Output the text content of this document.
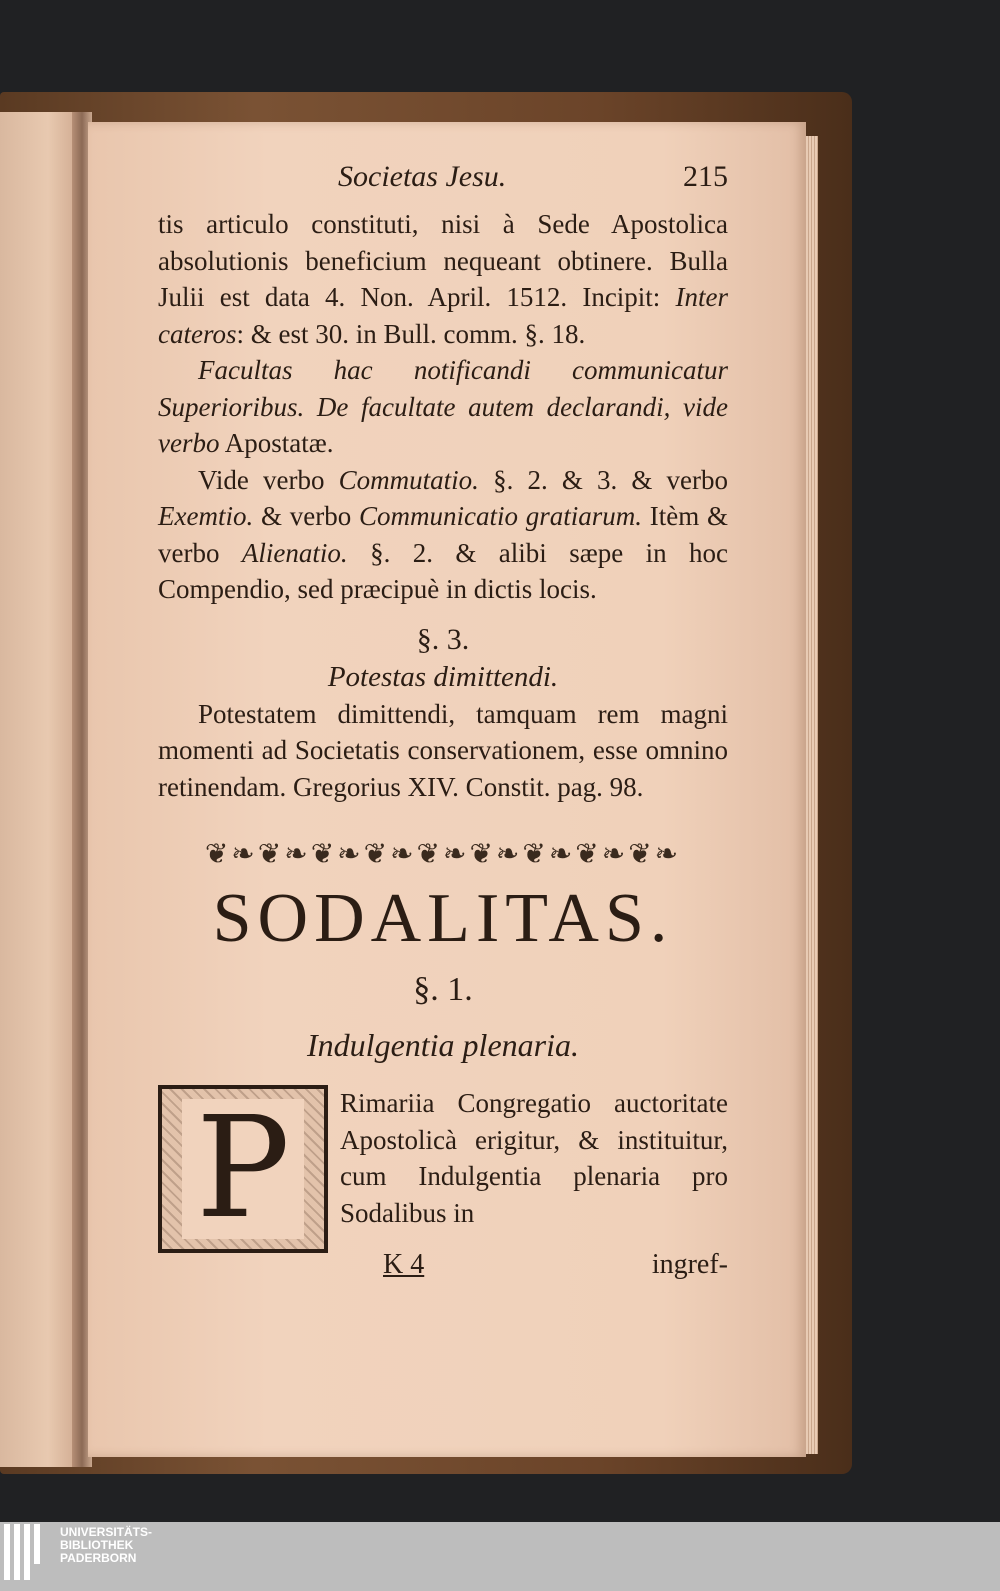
Societas Jesu.	215

tis articulo constituti, nisi à Sede Apostolica absolutionis beneficium nequeant obtinere. Bulla Julii est data 4. Non. April. 1512. Incipit: Inter cateros: & est 30. in Bull. comm. §. 18.

Facultas hac notificandi communicatur Superioribus. De facultate autem declarandi, vide verbo Apostatæ.

Vide verbo Commutatio. §. 2. & 3. & verbo Exemtio. & verbo Communicatio gratiarum. Itèm & verbo Alienatio. §. 2. & alibi sæpe in hoc Compendio, sed præcipuè in dictis locis.

§. 3.
Potestas dimittendi.

Potestatem dimittendi, tamquam rem magni momenti ad Societatis conservationem, esse omnino retinendam. Gregorius XIV. Constit. pag. 98.

❦❧❦❧❦❧❦❧❦❧❦❧❦❧❦❧❦❧
SODALITAS.
§. 1.
Indulgentia plenaria.
P	Rimariia Congregatio auctoritate Apostolicà erigitur, & instituitur, cum Indulgentia plenaria pro Sodalibus in
K 4	ingref-
UNIVERSITÄTS-
BIBLIOTHEK
PADERBORN
